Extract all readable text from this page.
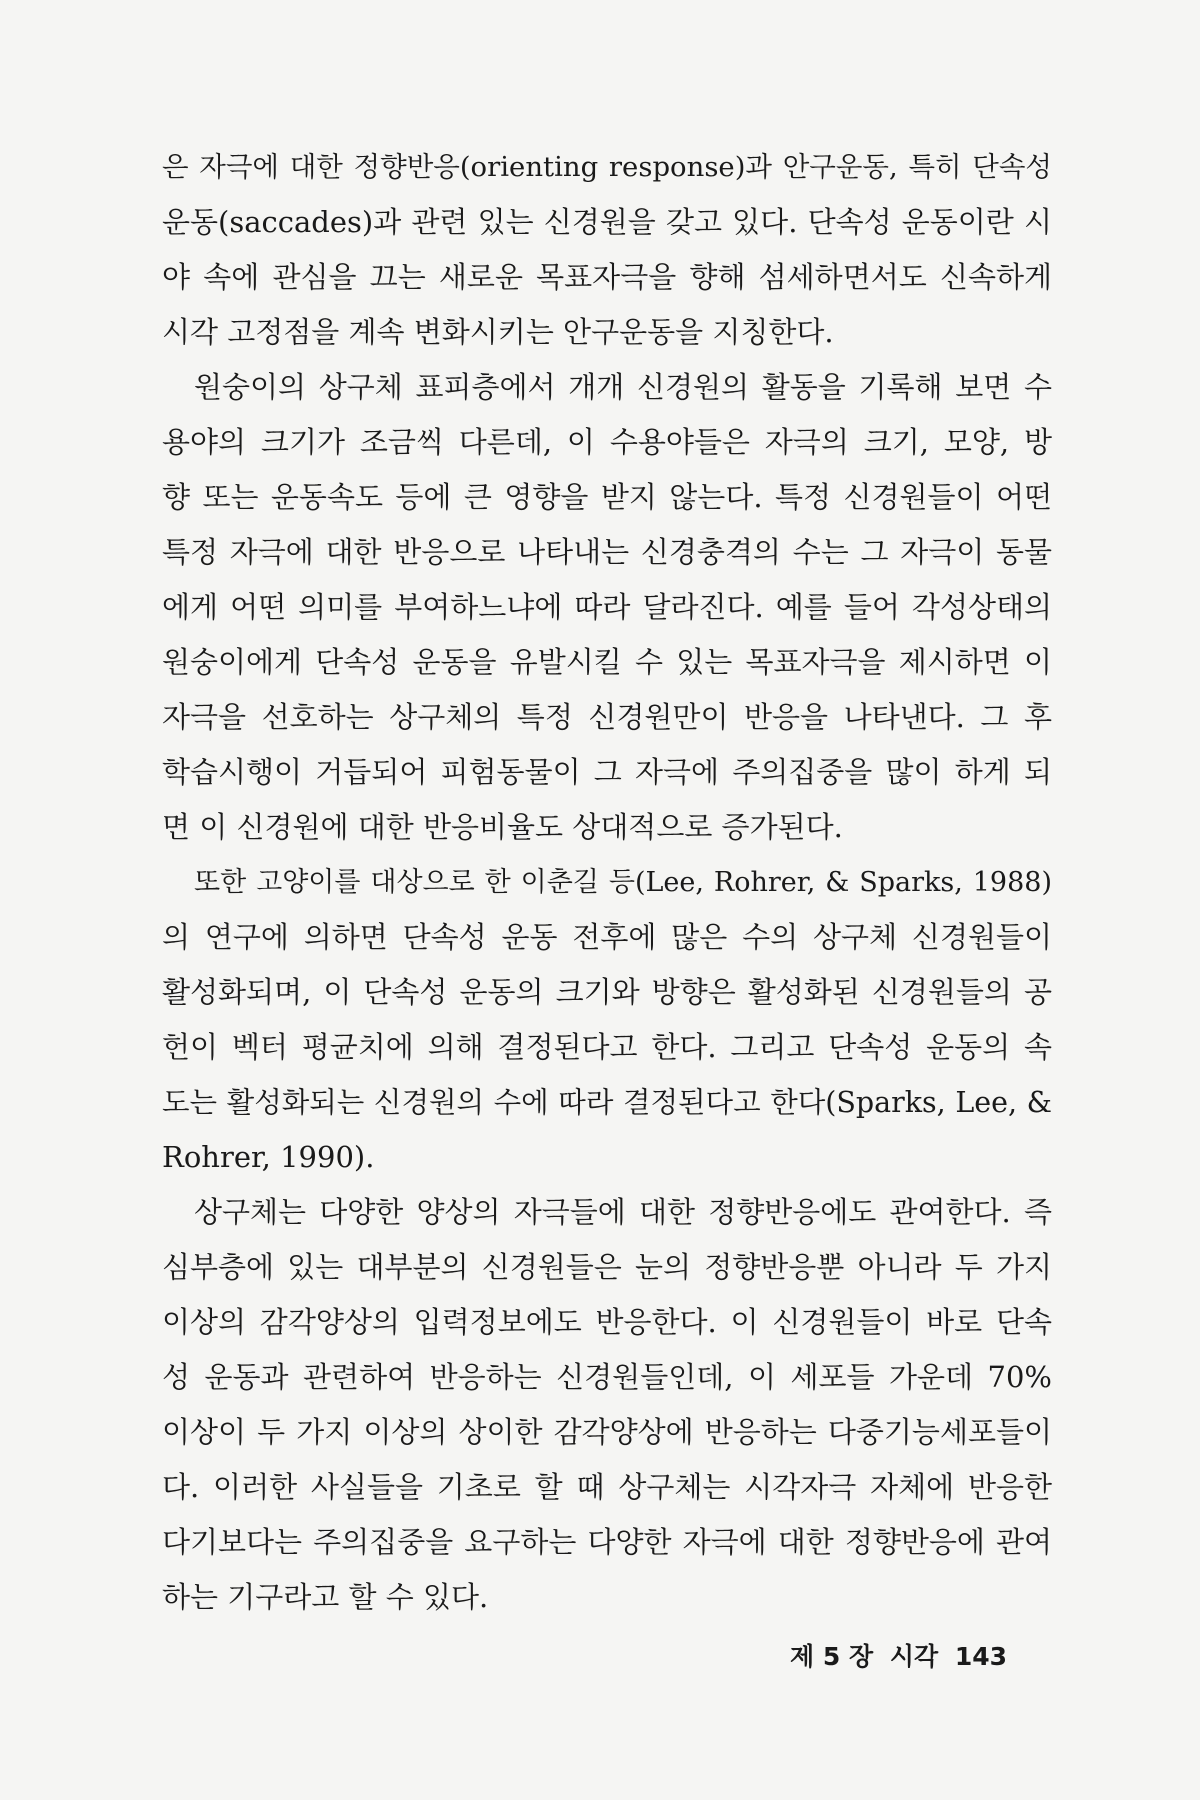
은 자극에 대한 정향반응(orienting response)과 안구운동, 특히 단속성
운동(saccades)과 관련 있는 신경원을 갖고 있다. 단속성 운동이란 시
야 속에 관심을 끄는 새로운 목표자극을 향해 섬세하면서도 신속하게
시각 고정점을 계속 변화시키는 안구운동을 지칭한다.
원숭이의 상구체 표피층에서 개개 신경원의 활동을 기록해 보면 수
용야의 크기가 조금씩 다른데, 이 수용야들은 자극의 크기, 모양, 방
향 또는 운동속도 등에 큰 영향을 받지 않는다. 특정 신경원들이 어떤
특정 자극에 대한 반응으로 나타내는 신경충격의 수는 그 자극이 동물
에게 어떤 의미를 부여하느냐에 따라 달라진다. 예를 들어 각성상태의
원숭이에게 단속성 운동을 유발시킬 수 있는 목표자극을 제시하면 이
자극을 선호하는 상구체의 특정 신경원만이 반응을 나타낸다. 그 후
학습시행이 거듭되어 피험동물이 그 자극에 주의집중을 많이 하게 되
면 이 신경원에 대한 반응비율도 상대적으로 증가된다.
또한 고양이를 대상으로 한 이춘길 등(Lee, Rohrer, & Sparks, 1988)
의 연구에 의하면 단속성 운동 전후에 많은 수의 상구체 신경원들이
활성화되며, 이 단속성 운동의 크기와 방향은 활성화된 신경원들의 공
헌이 벡터 평균치에 의해 결정된다고 한다. 그리고 단속성 운동의 속
도는 활성화되는 신경원의 수에 따라 결정된다고 한다(Sparks, Lee, &
Rohrer, 1990).
상구체는 다양한 양상의 자극들에 대한 정향반응에도 관여한다. 즉
심부층에 있는 대부분의 신경원들은 눈의 정향반응뿐 아니라 두 가지
이상의 감각양상의 입력정보에도 반응한다. 이 신경원들이 바로 단속
성 운동과 관련하여 반응하는 신경원들인데, 이 세포들 가운데 70%
이상이 두 가지 이상의 상이한 감각양상에 반응하는 다중기능세포들이
다. 이러한 사실들을 기초로 할 때 상구체는 시각자극 자체에 반응한
다기보다는 주의집중을 요구하는 다양한 자극에 대한 정향반응에 관여
하는 기구라고 할 수 있다.
제 5 장 시각 143
